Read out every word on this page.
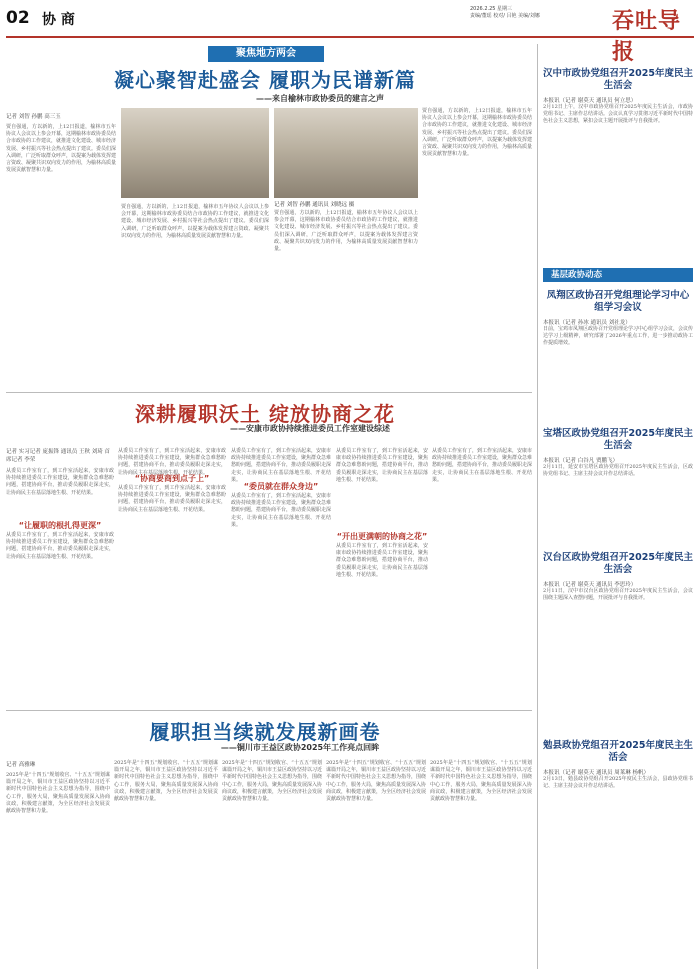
02 协 商
2026.2.25 星期三
责编/董瑶 校对/ 吕艳 美编/刘娜	吞吐导报
聚焦地方两会
凝心聚智赴盛会 履职为民谱新篇
——来自榆林市政协委员的建言之声
记者 刘智 孙鹏 高三玉
贾自强通，方以新的，上12日报道，榆林市五年协议人会议以上参会开幕，这期榆林市政协委员结合市政协的工作建议，就推进文化建设、城市经济发展、乡村振兴等社会热点提出了建议。委员们深入调研，广泛听取群众呼声，以提案为载体发挥建言资政、凝聚共识双向发力的作用，为榆林高质量发展贡献智慧和力量。
贾自强通，方以新的，上12日报道，榆林市五年协议人会议以上参会开幕，这期榆林市政协委员结合市政协的工作建议，就推进文化建设、城市经济发展、乡村振兴等社会热点提出了建议。委员们深入调研，广泛听取群众呼声，以提案为载体发挥建言资政、凝聚共识双向发力的作用，为榆林高质量发展贡献智慧和力量。
记者 刘智 孙鹏 通讯员 刘晓远 摄
贾自强通，方以新的，上12日报道，榆林市五年协议人会议以上参会开幕，这期榆林市政协委员结合市政协的工作建议，就推进文化建设、城市经济发展、乡村振兴等社会热点提出了建议。委员们深入调研，广泛听取群众呼声，以提案为载体发挥建言资政、凝聚共识双向发力的作用，为榆林高质量发展贡献智慧和力量。
贾自强通，方以新的，上12日报道，榆林市五年协议人会议以上参会开幕，这期榆林市政协委员结合市政协的工作建议，就推进文化建设、城市经济发展、乡村振兴等社会热点提出了建议。委员们深入调研，广泛听取群众呼声，以提案为载体发挥建言资政、凝聚共识双向发力的作用，为榆林高质量发展贡献智慧和力量。
深耕履职沃土 绽放协商之花
——安康市政协持续推进委员工作室建设综述
记者 实习记者 庞振锋 通讯员 王秋 刘琦 首席记者 李荣
“让履职的根扎得更深”
从委员工作室有了，到工作室活起来，安康市政协持续推进委员工作室建设，聚焦群众急难愁盼问题，搭建协商平台，推动委员履职走深走实，让协商民主在基层落地生根、开花结果。
从委员工作室有了，到工作室活起来，安康市政协持续推进委员工作室建设，聚焦群众急难愁盼问题，搭建协商平台，推动委员履职走深走实，让协商民主在基层落地生根、开花结果。
从委员工作室有了，到工作室活起来，安康市政协持续推进委员工作室建设，聚焦群众急难愁盼问题，搭建协商平台，推动委员履职走深走实，让协商民主在基层落地生根、开花结果。
“协商要商到点子上”
从委员工作室有了，到工作室活起来，安康市政协持续推进委员工作室建设，聚焦群众急难愁盼问题，搭建协商平台，推动委员履职走深走实，让协商民主在基层落地生根、开花结果。
从委员工作室有了，到工作室活起来，安康市政协持续推进委员工作室建设，聚焦群众急难愁盼问题，搭建协商平台，推动委员履职走深走实，让协商民主在基层落地生根、开花结果。
“委员就在群众身边”
从委员工作室有了，到工作室活起来，安康市政协持续推进委员工作室建设，聚焦群众急难愁盼问题，搭建协商平台，推动委员履职走深走实，让协商民主在基层落地生根、开花结果。
从委员工作室有了，到工作室活起来，安康市政协持续推进委员工作室建设，聚焦群众急难愁盼问题，搭建协商平台，推动委员履职走深走实，让协商民主在基层落地生根、开花结果。
“开出更满朝的协商之花”
从委员工作室有了，到工作室活起来，安康市政协持续推进委员工作室建设，聚焦群众急难愁盼问题，搭建协商平台，推动委员履职走深走实，让协商民主在基层落地生根、开花结果。
从委员工作室有了，到工作室活起来，安康市政协持续推进委员工作室建设，聚焦群众急难愁盼问题，搭建协商平台，推动委员履职走深走实，让协商民主在基层落地生根、开花结果。
履职担当续就发展新画卷
——铜川市王益区政协2025年工作亮点回眸
记者 高雅琳
2025年是“十四五”规划收官、“十五五”规划谋篇开局之年，铜川市王益区政协坚持以习近平新时代中国特色社会主义思想为指导，围绕中心工作，服务大局，聚焦高质量发展深入协商议政，积极建言献策，为全区经济社会发展贡献政协智慧和力量。
2025年是“十四五”规划收官、“十五五”规划谋篇开局之年，铜川市王益区政协坚持以习近平新时代中国特色社会主义思想为指导，围绕中心工作，服务大局，聚焦高质量发展深入协商议政，积极建言献策，为全区经济社会发展贡献政协智慧和力量。
2025年是“十四五”规划收官、“十五五”规划谋篇开局之年，铜川市王益区政协坚持以习近平新时代中国特色社会主义思想为指导，围绕中心工作，服务大局，聚焦高质量发展深入协商议政，积极建言献策，为全区经济社会发展贡献政协智慧和力量。
2025年是“十四五”规划收官、“十五五”规划谋篇开局之年，铜川市王益区政协坚持以习近平新时代中国特色社会主义思想为指导，围绕中心工作，服务大局，聚焦高质量发展深入协商议政，积极建言献策，为全区经济社会发展贡献政协智慧和力量。
2025年是“十四五”规划收官、“十五五”规划谋篇开局之年，铜川市王益区政协坚持以习近平新时代中国特色社会主义思想为指导，围绕中心工作，服务大局，聚焦高质量发展深入协商议政，积极建言献策，为全区经济社会发展贡献政协智慧和力量。
汉中市政协党组召开2025年度民主生活会
本报讯（记者 谢莫天 通讯员 何立思）
2月12日上午，汉中市政协党组召开2025年度民主生活会，市政协党组书记、主席作总结讲话。会议认真学习贯彻习近平新时代中国特色社会主义思想，紧扣会议主题开展批评与自我批评。
基层政协动态
凤翔区政协召开党组理论学习中心组学习会议
本报讯（记者 孙冰 通讯员 刘社龙）
日前，宝鸡市凤翔区政协召开党组理论学习中心组学习会议，会议传达学习上级精神，研究部署了2026年重点工作，进一步推动政协工作提质增效。
宝塔区政协党组召开2025年度民主生活会
本报讯（记者 白谷凡 贾鹏飞）
2月11日，延安市宝塔区政协党组召开2025年度民主生活会，区政协党组书记、主席主持会议并作总结讲话。
汉台区政协党组召开2025年度民主生活会
本报讯（记者 谢莫天 通讯员 李思玲）
2月11日，汉中市汉台区政协党组召开2025年度民主生活会，会议围绕主题深入查摆问题，开展批评与自我批评。
勉县政协党组召开2025年度民主生活会
本报讯（记者 谢莫天 通讯员 周莱琳 杨帆）
2月13日，勉县政协党组召开2025年度民主生活会，县政协党组书记、主席主持会议并作总结讲话。
